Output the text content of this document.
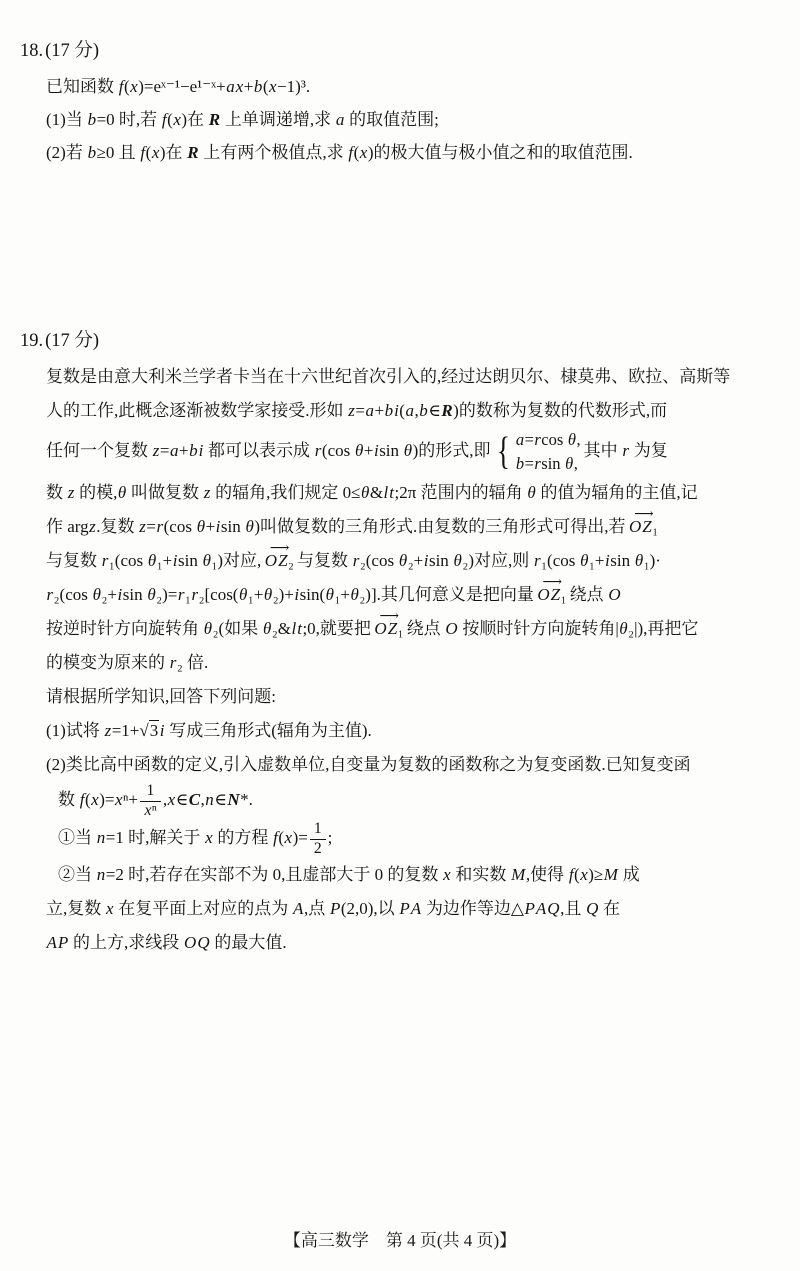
18. (17 分)
已知函数 f(x)=eˣ⁻¹−e¹⁻ˣ+ax+b(x−1)³.
(1)当 b=0 时,若 f(x)在 R 上单调递增,求 a 的取值范围;
(2)若 b≥0 且 f(x)在 R 上有两个极值点,求 f(x)的极大值与极小值之和的取值范围.
19. (17 分)
复数是由意大利米兰学者卡当在十六世纪首次引入的,经过达朗贝尔、棣莫弗、欧拉、高斯等
人的工作,此概念逐渐被数学家接受.形如 z=a+bi(a,b∈R)的数称为复数的代数形式,而
任何一个复数 z=a+bi 都可以表示成 r(cos θ+isin θ)的形式,即 { a=rcos θ,
b=rsin θ,
其中 r 为复
数 z 的模,θ 叫做复数 z 的辐角,我们规定 0≤θ&lt;2π 范围内的辐角 θ 的值为辐角的主值,记
作 argz.复数 z=r(cos θ+isin θ)叫做复数的三角形式.由复数的三角形式可得出,若 ⟶ OZ₁
与复数 r₁(cos θ₁+isin θ₁)对应, ⟶ OZ₂ 与复数 r₂(cos θ₂+isin θ₂)对应,则 r₁(cos θ₁+isin θ₁)·
r₂(cos θ₂+isin θ₂)=r₁r₂[cos(θ₁+θ₂)+isin(θ₁+θ₂)].其几何意义是把向量 ⟶ OZ₁ 绕点 O
按逆时针方向旋转角 θ₂(如果 θ₂&lt;0,就要把 ⟶ OZ₁ 绕点 O 按顺时针方向旋转角|θ₂|),再把它
的模变为原来的 r₂ 倍.
请根据所学知识,回答下列问题:
(1)试将 z=1+√3i 写成三角形式(辐角为主值).
(2)类比高中函数的定义,引入虚数单位,自变量为复数的函数称之为复变函数.已知复变函
数 $f(x)=x^n+ \frac{1}{\text{xⁿ}}$ ,x∈C,n∈N*.
①当 n=1 时,解关于 x 的方程 $f(x)= \frac{1}{2}$ ;
②当 n=2 时,若存在实部不为 0,且虚部大于 0 的复数 x 和实数 M,使得 f(x)≥M 成
立,复数 x 在复平面上对应的点为 A,点 P(2,0),以 PA 为边作等边△PAQ,且 Q 在
AP 的上方,求线段 OQ 的最大值.
【高三数学　第 4 页(共 4 页)】
